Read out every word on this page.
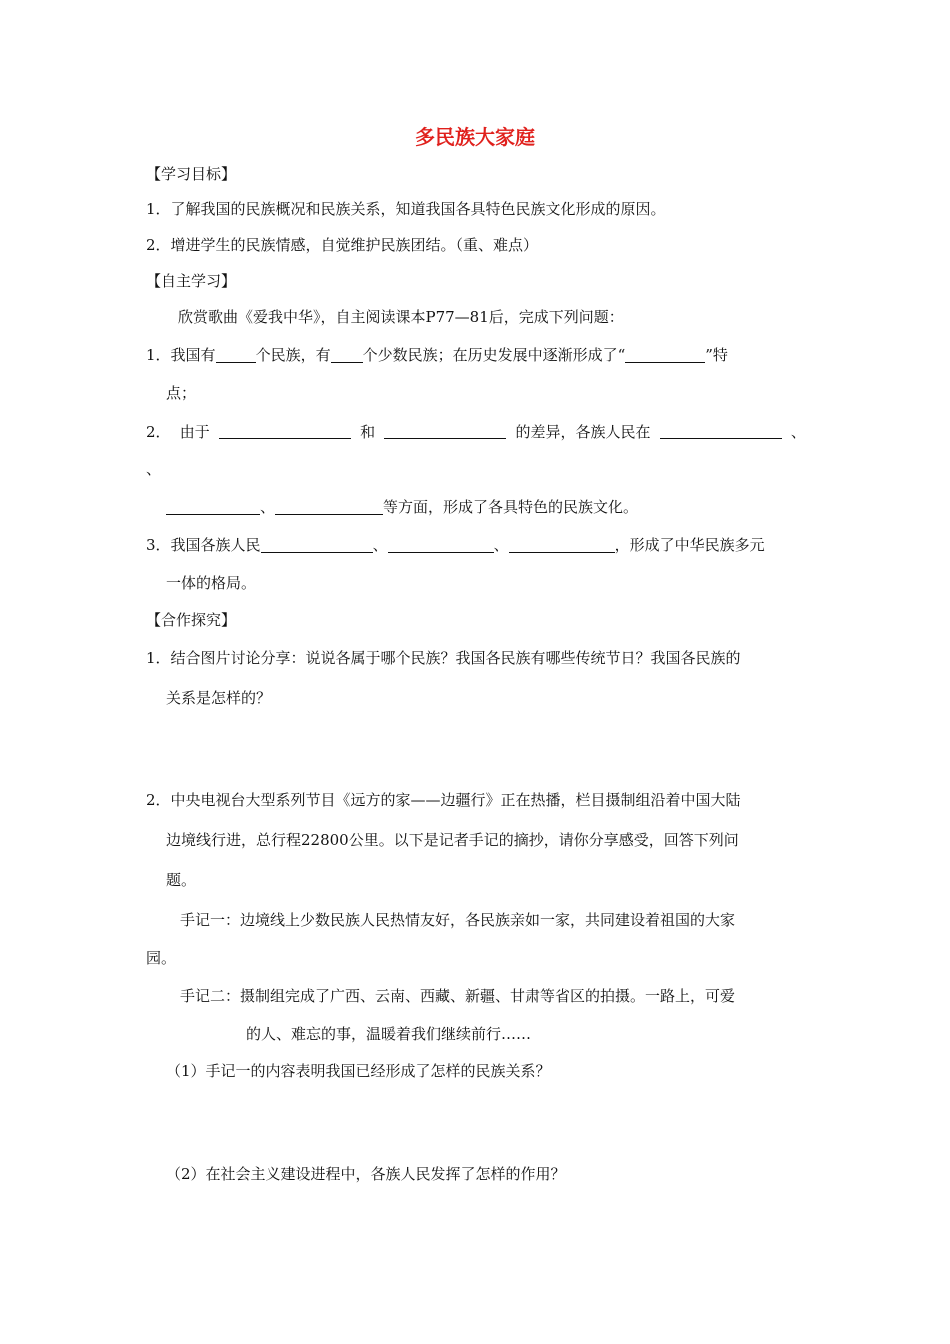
多民族大家庭
【学习目标】
1．了解我国的民族概况和民族关系，知道我国各具特色民族文化形成的原因。
2．增进学生的民族情感，自觉维护民族团结。（重、难点）
【自主学习】
欣赏歌曲《爱我中华》，自主阅读课本P77—81后，完成下列问题：
1．我国有	个民族，有 个少数民族；在历史发展中逐渐形成了“	”特
点；
2． 由于	和	的差异，各族人民在	、
、
、	等方面，形成了各具特色的民族文化。
3．我国各族人民	、	、	，形成了中华民族多元
一体的格局。
【合作探究】
1．结合图片讨论分享：说说各属于哪个民族？我国各民族有哪些传统节日？我国各民族的
关系是怎样的？
2．中央电视台大型系列节目《远方的家——边疆行》正在热播，栏目摄制组沿着中国大陆
边境线行进，总行程22800公里。以下是记者手记的摘抄，请你分享感受，回答下列问
题。
手记一：边境线上少数民族人民热情友好，各民族亲如一家，共同建设着祖国的大家
园。
手记二：摄制组完成了广西、云南、西藏、新疆、甘肃等省区的拍摄。一路上，可爱
的人、难忘的事，温暖着我们继续前行……
（1）手记一的内容表明我国已经形成了怎样的民族关系？
（2）在社会主义建设进程中，各族人民发挥了怎样的作用？
